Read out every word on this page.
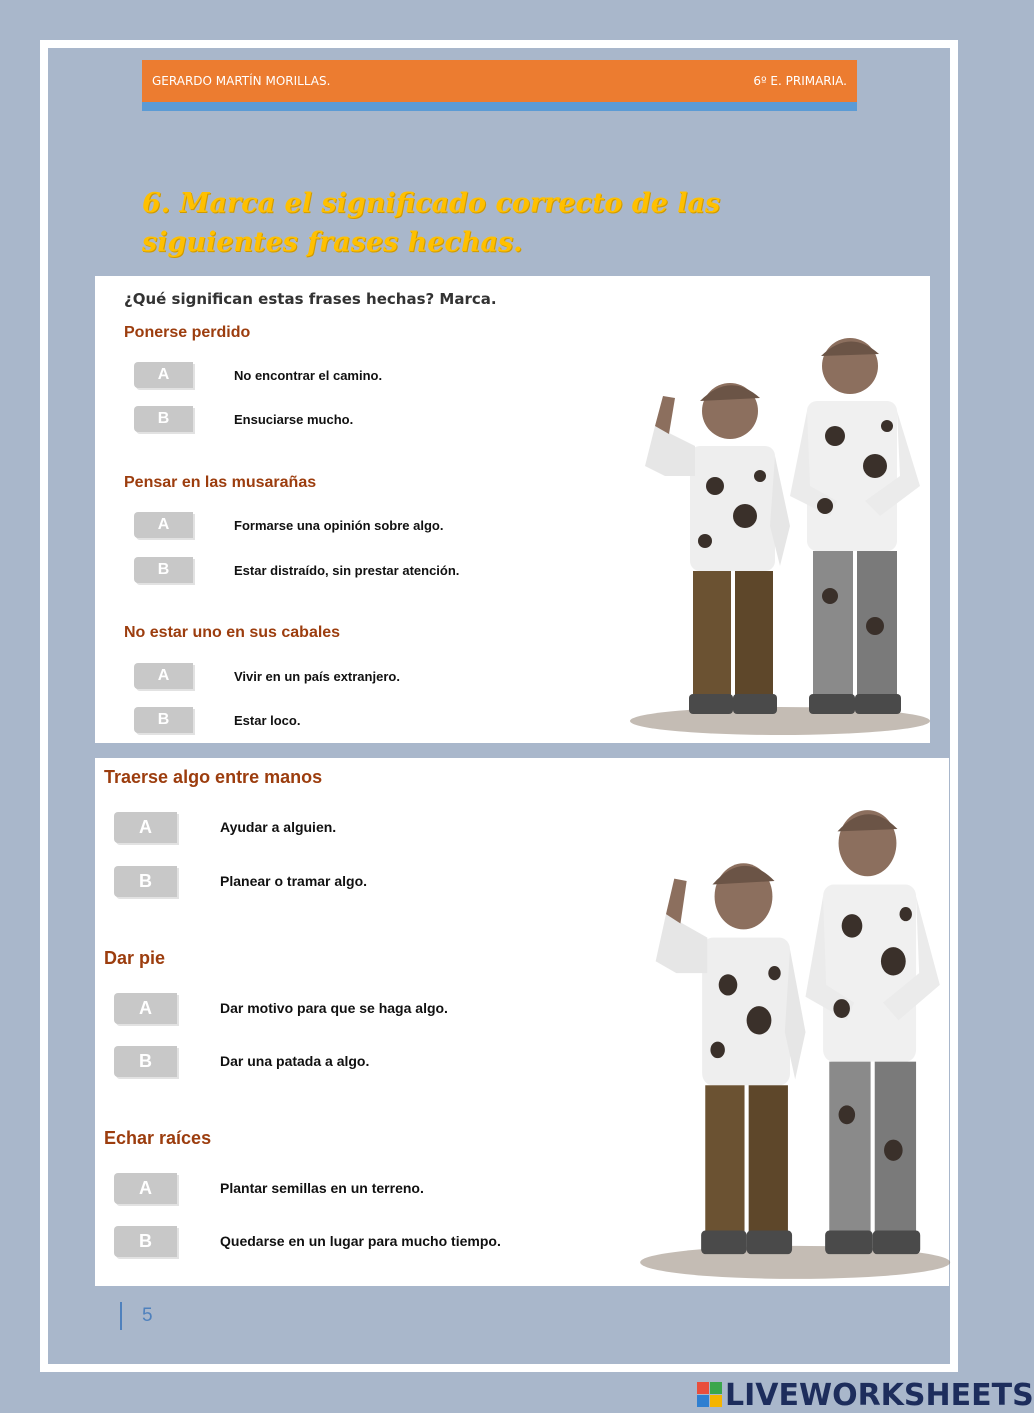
GERARDO MARTÍN MORILLAS.	6º E. PRIMARIA.
6. Marca el significado correcto de las siguientes frases hechas.
¿Qué significan estas frases hechas? Marca.
Ponerse perdido
A	No encontrar el camino.
B	Ensuciarse mucho.
Pensar en las musarañas
A	Formarse una opinión sobre algo.
B	Estar distraído, sin prestar atención.
No estar uno en sus cabales
A	Vivir en un país extranjero.
B	Estar loco.
Traerse algo entre manos
A	Ayudar a alguien.
B	Planear o tramar algo.
Dar pie
A	Dar motivo para que se haga algo.
B	Dar una patada a algo.
Echar raíces
A	Plantar semillas en un terreno.
B	Quedarse en un lugar para mucho tiempo.
5
LIVEWORKSHEETS
